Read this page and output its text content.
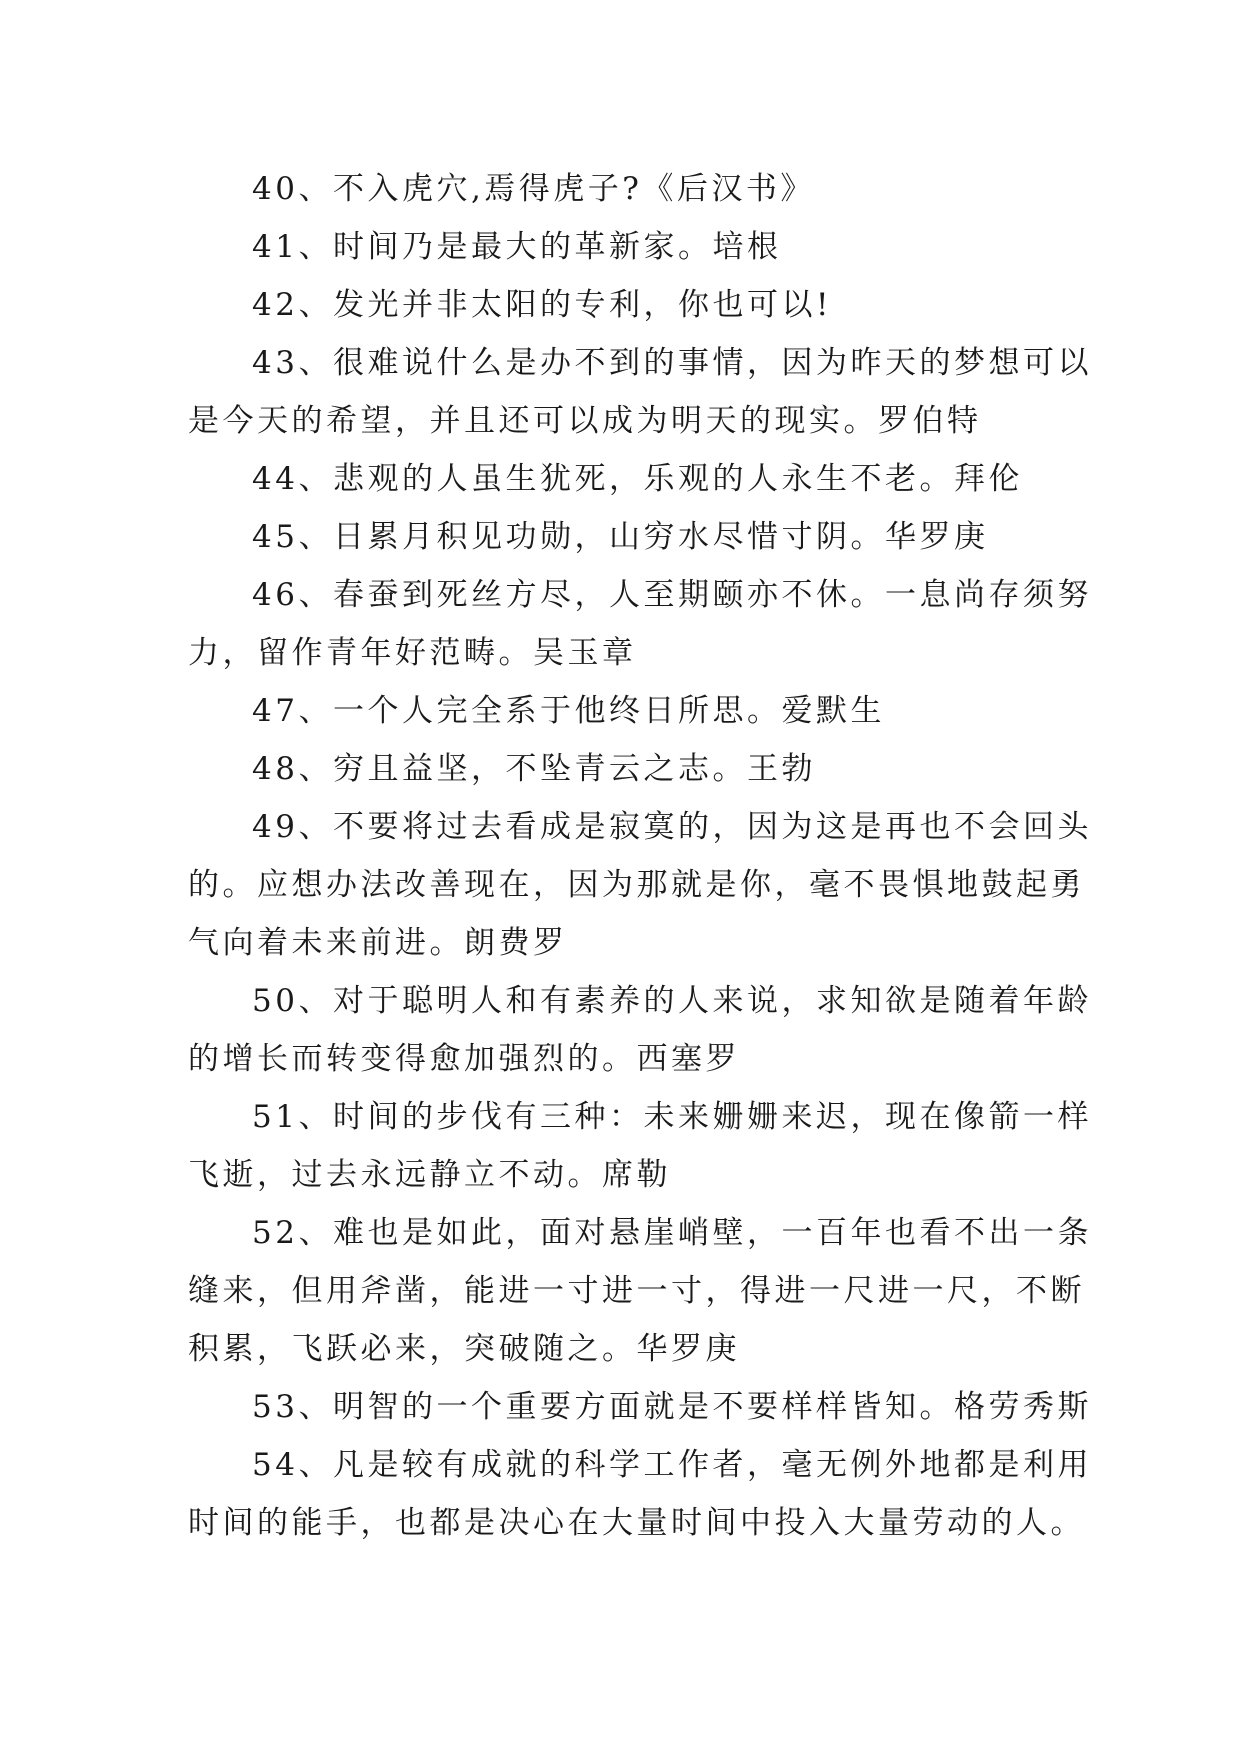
40、不入虎穴,焉得虎子?《后汉书》
41、时间乃是最大的革新家。培根
42、发光并非太阳的专利，你也可以!
43、很难说什么是办不到的事情，因为昨天的梦想可以
是今天的希望，并且还可以成为明天的现实。罗伯特
44、悲观的人虽生犹死，乐观的人永生不老。拜伦
45、日累月积见功勋，山穷水尽惜寸阴。华罗庚
46、春蚕到死丝方尽，人至期颐亦不休。一息尚存须努
力，留作青年好范畴。吴玉章
47、一个人完全系于他终日所思。爱默生
48、穷且益坚，不坠青云之志。王勃
49、不要将过去看成是寂寞的，因为这是再也不会回头
的。应想办法改善现在，因为那就是你，毫不畏惧地鼓起勇
气向着未来前进。朗费罗
50、对于聪明人和有素养的人来说，求知欲是随着年龄
的增长而转变得愈加强烈的。西塞罗
51、时间的步伐有三种：未来姗姗来迟，现在像箭一样
飞逝，过去永远静立不动。席勒
52、难也是如此，面对悬崖峭壁，一百年也看不出一条
缝来，但用斧凿，能进一寸进一寸，得进一尺进一尺，不断
积累，飞跃必来，突破随之。华罗庚
53、明智的一个重要方面就是不要样样皆知。格劳秀斯
54、凡是较有成就的科学工作者，毫无例外地都是利用
时间的能手，也都是决心在大量时间中投入大量劳动的人。
